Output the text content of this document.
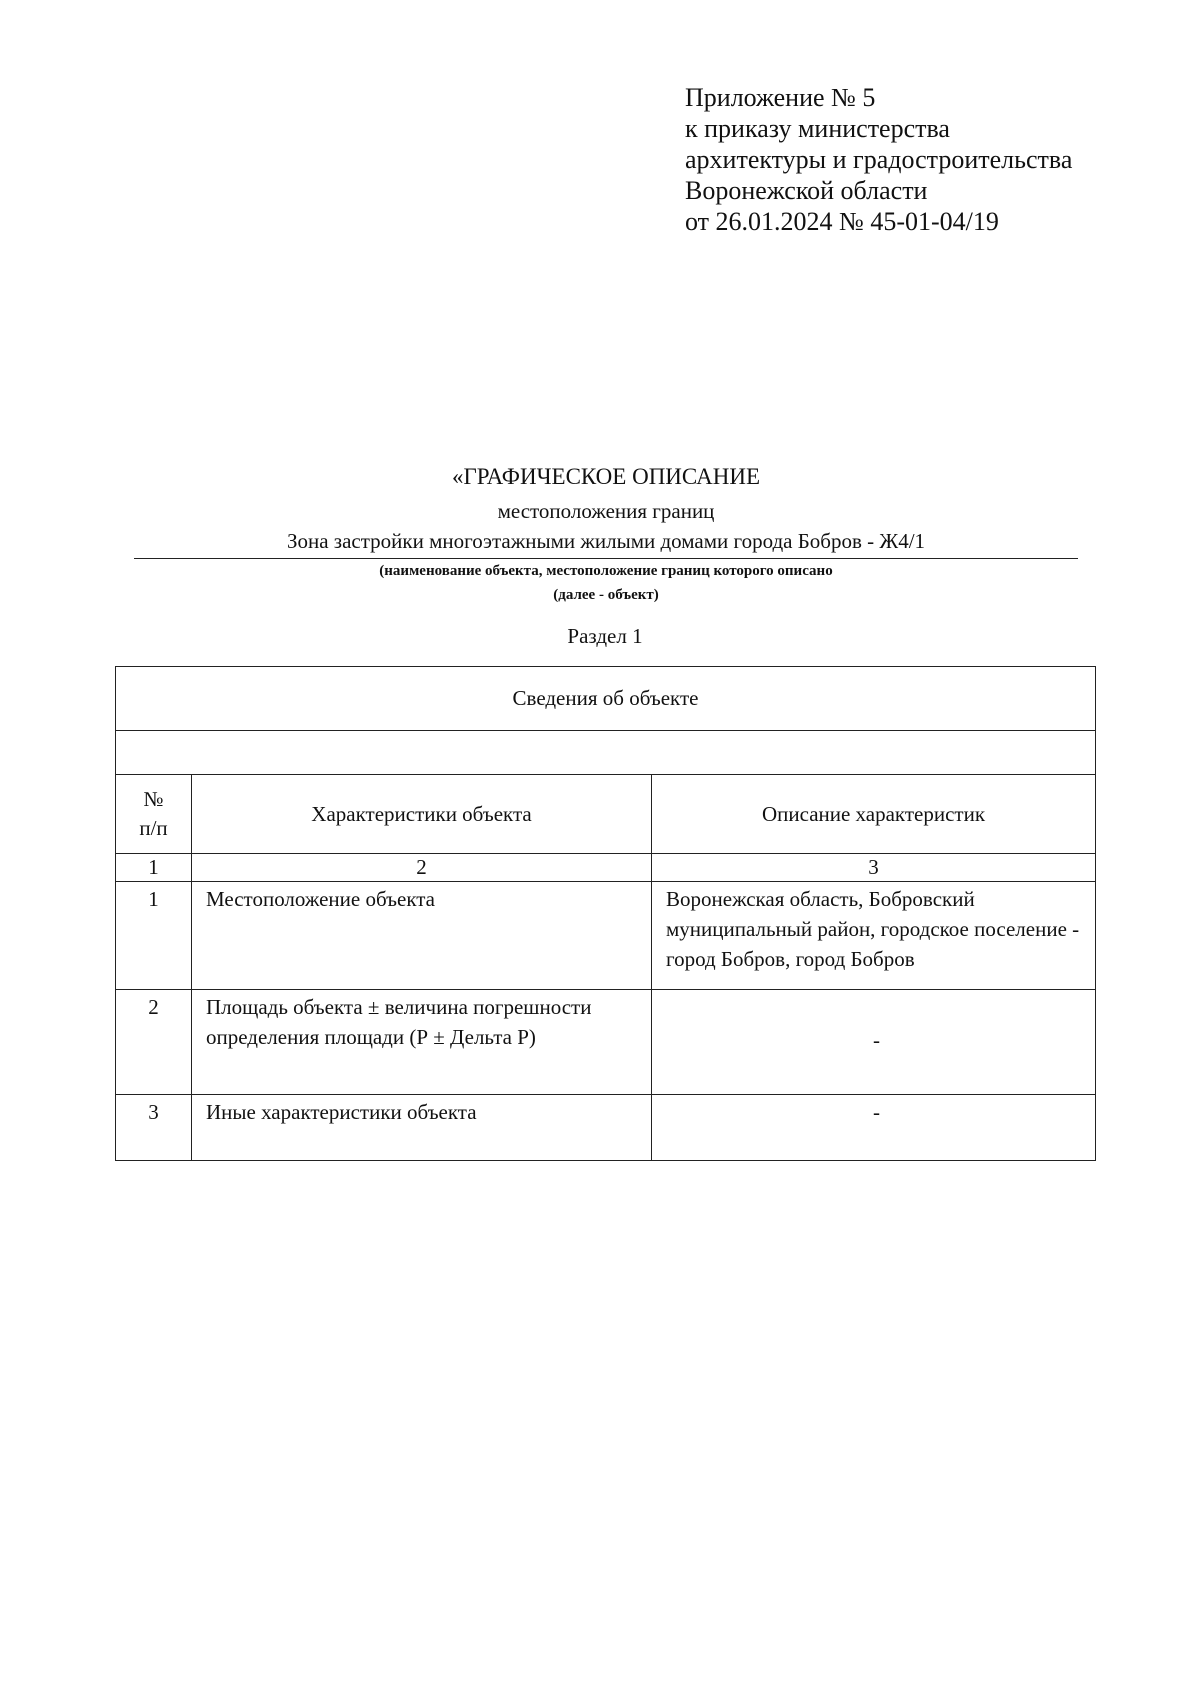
Приложение № 5
к приказу министерства
архитектуры и градостроительства
Воронежской области
от 26.01.2024 № 45-01-04/19
«ГРАФИЧЕСКОЕ ОПИСАНИЕ
местоположения границ
Зона застройки многоэтажными жилыми домами города Бобров - Ж4/1
(наименование объекта, местоположение границ которого описано
(далее - объект)
Раздел 1
Сведения об объекте		

№
п/п	Характеристики объекта	Описание характеристик
1	2	3
1	Местоположение объекта	Воронежская область, Бобровский муниципальный район, городское поселение - город Бобров, город Бобров
2	Площадь объекта ± величина погрешности определения площади (Р ± Дельта Р)	-
3	Иные характеристики объекта	-
